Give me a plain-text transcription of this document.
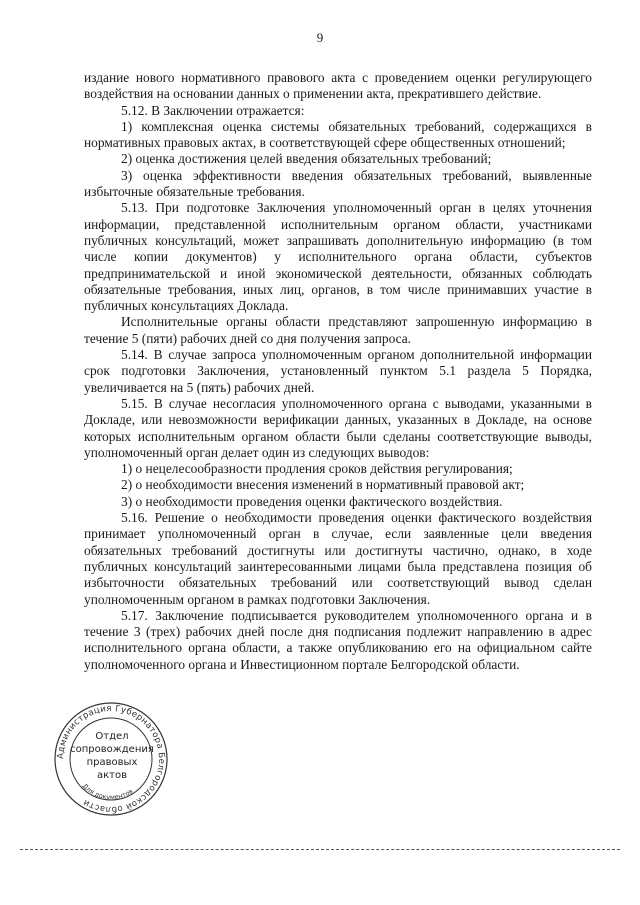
9

издание нового нормативного правового акта с проведением оценки регулирующего воздействия на основании данных о применении акта, прекратившего действие.

5.12. В Заключении отражается:

1) комплексная оценка системы обязательных требований, содержащихся в нормативных правовых актах, в соответствующей сфере общественных отношений;

2) оценка достижения целей введения обязательных требований;

3) оценка эффективности введения обязательных требований, выявленные избыточные обязательные требования.

5.13. При подготовке Заключения уполномоченный орган в целях уточнения информации, представленной исполнительным органом области, участниками публичных консультаций, может запрашивать дополнительную информацию (в том числе копии документов) у исполнительного органа области, субъектов предпринимательской и иной экономической деятельности, обязанных соблюдать обязательные требования, иных лиц, органов, в том числе принимавших участие в публичных консультациях Доклада.

Исполнительные органы области представляют запрошенную информацию в течение 5 (пяти) рабочих дней со дня получения запроса.

5.14. В случае запроса уполномоченным органом дополнительной информации срок подготовки Заключения, установленный пунктом 5.1 раздела 5 Порядка, увеличивается на 5 (пять) рабочих дней.

5.15. В случае несогласия уполномоченного органа с выводами, указанными в Докладе, или невозможности верификации данных, указанных в Докладе, на основе которых исполнительным органом области были сделаны соответствующие выводы, уполномоченный орган делает один из следующих выводов:

1) о нецелесообразности продления сроков действия регулирования;

2) о необходимости внесения изменений в нормативный правовой акт;

3) о необходимости проведения оценки фактического воздействия.

5.16. Решение о необходимости проведения оценки фактического воздействия принимает уполномоченный орган в случае, если заявленные цели введения обязательных требований достигнуты или достигнуты частично, однако, в ходе публичных консультаций заинтересованными лицами была представлена позиция об избыточности обязательных требований или соответствующий вывод сделан уполномоченным органом в рамках подготовки Заключения.

5.17. Заключение подписывается руководителем уполномоченного органа и в течение 3 (трех) рабочих дней после дня подписания подлежит направлению в адрес исполнительного органа области, а также опубликованию его на официальном сайте уполномоченного органа и Инвестиционном портале Белгородской области.

Администрация Губернатора Белгородской области
Для документов
Отдел
сопровождения
правовых
актов
